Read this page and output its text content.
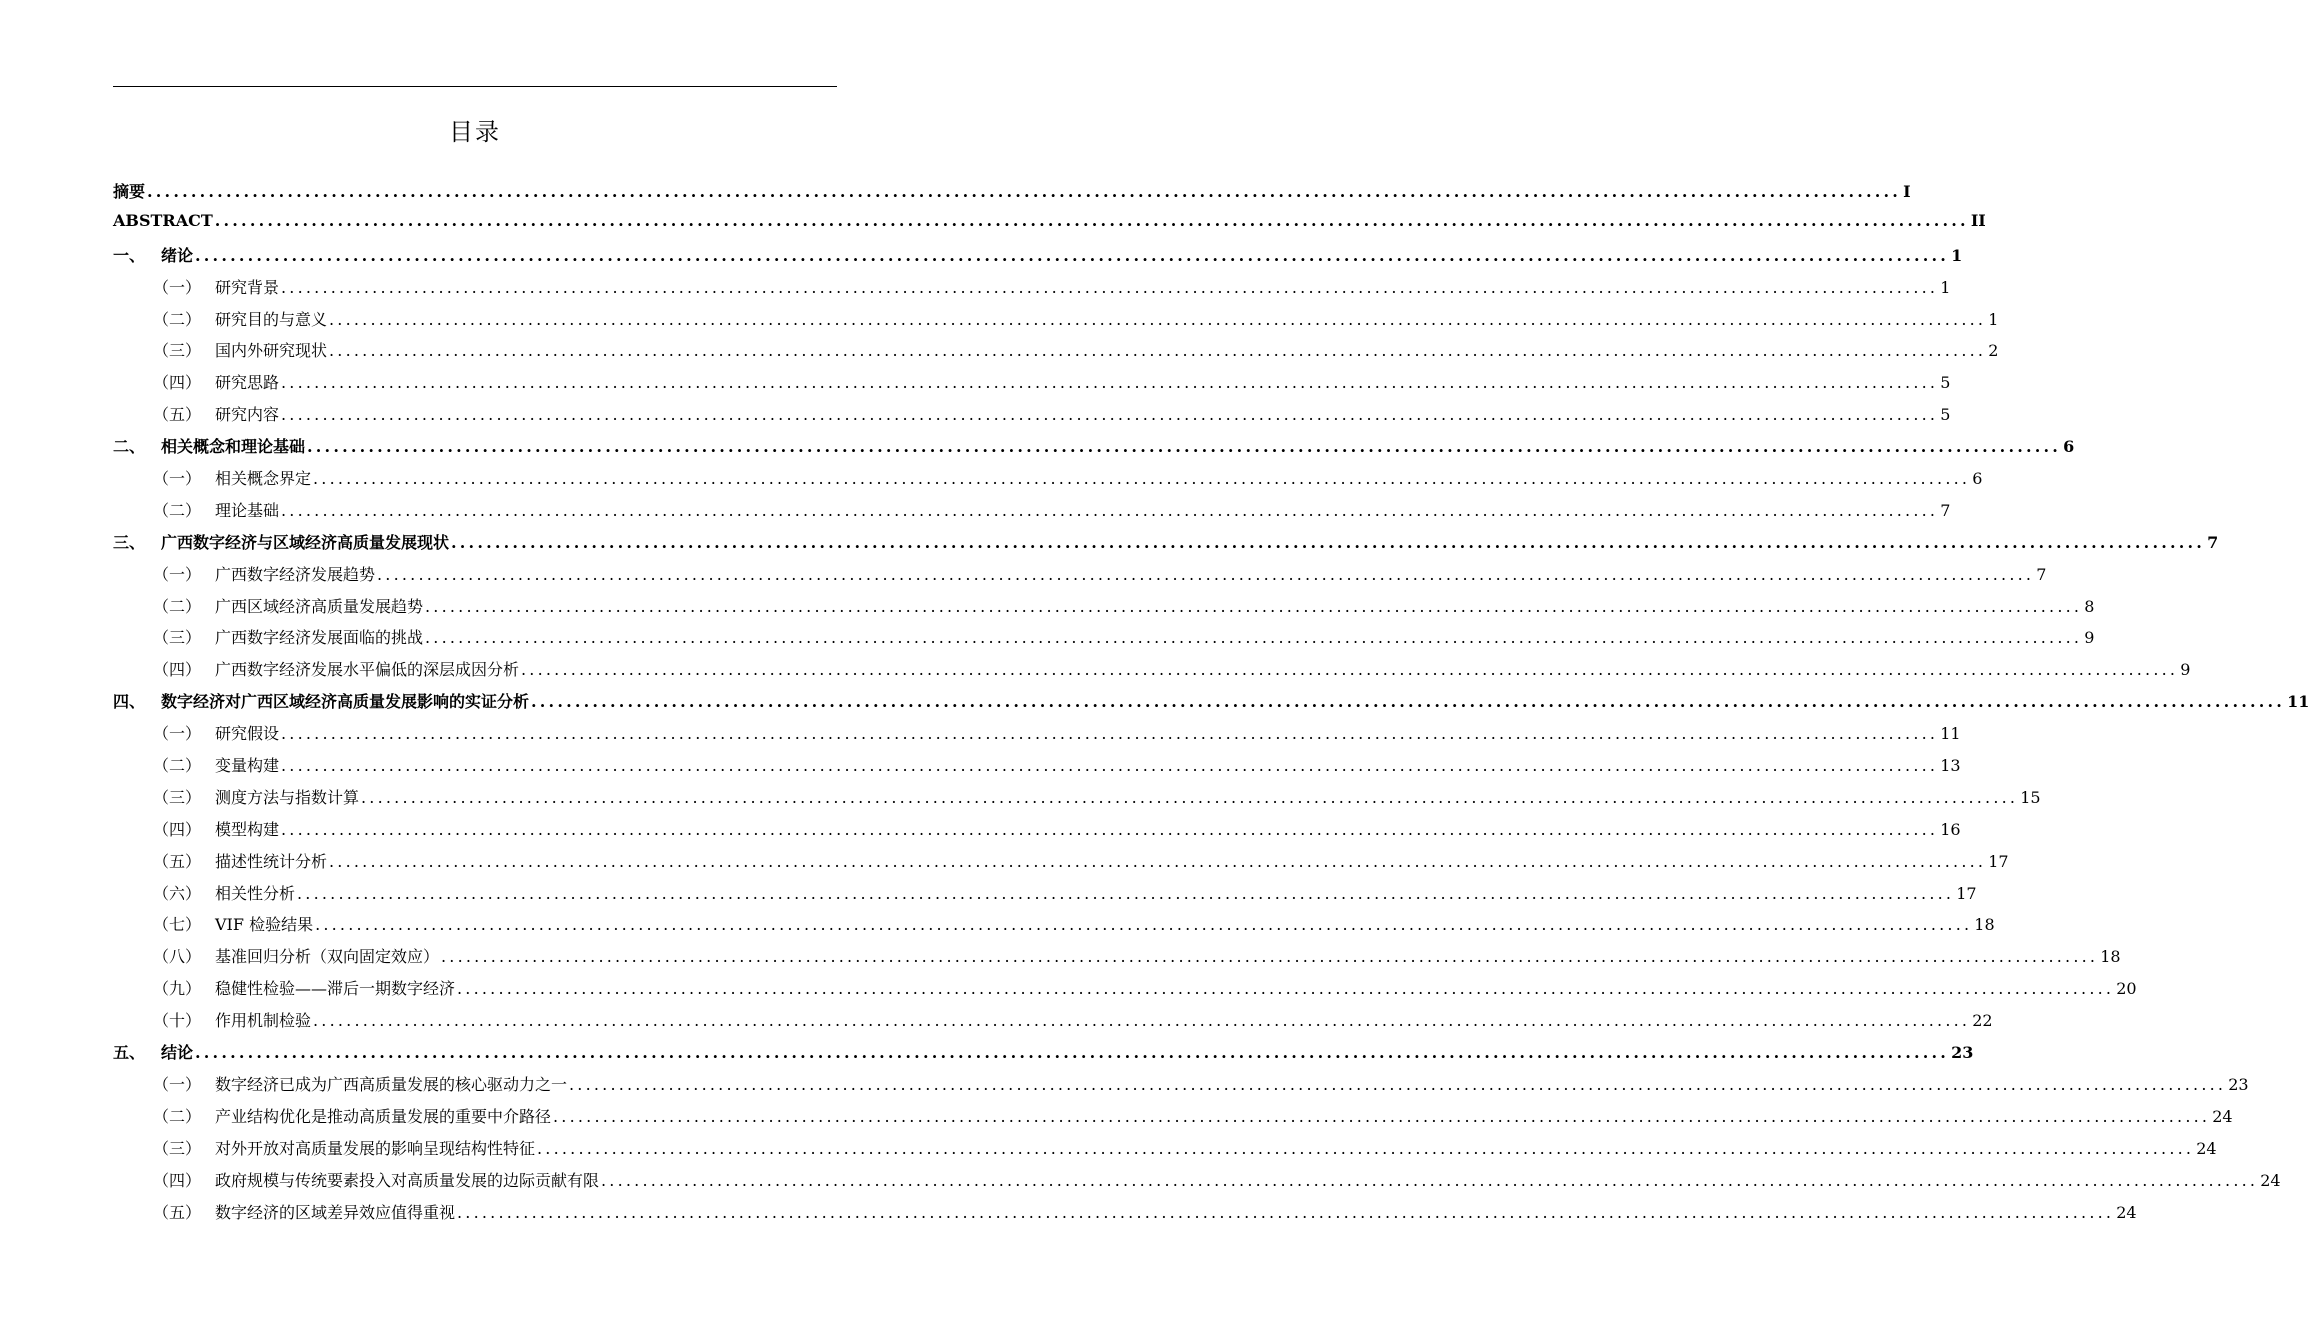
目录
摘要 ........................................................................................................................................................................................................ I
ABSTRACT ........................................................................................................................................................................................................ II
一、 绪论 ........................................................................................................................................................................................................ 1
（一） 研究背景 ........................................................................................................................................................................................................ 1
（二） 研究目的与意义 ........................................................................................................................................................................................................ 1
（三） 国内外研究现状 ........................................................................................................................................................................................................ 2
（四） 研究思路 ........................................................................................................................................................................................................ 5
（五） 研究内容 ........................................................................................................................................................................................................ 5
二、 相关概念和理论基础 ........................................................................................................................................................................................................ 6
（一） 相关概念界定 ........................................................................................................................................................................................................ 6
（二） 理论基础 ........................................................................................................................................................................................................ 7
三、 广西数字经济与区域经济高质量发展现状 ........................................................................................................................................................................................................ 7
（一） 广西数字经济发展趋势 ........................................................................................................................................................................................................ 7
（二） 广西区域经济高质量发展趋势 ........................................................................................................................................................................................................ 8
（三） 广西数字经济发展面临的挑战 ........................................................................................................................................................................................................ 9
（四） 广西数字经济发展水平偏低的深层成因分析 ........................................................................................................................................................................................................ 9
四、 数字经济对广西区域经济高质量发展影响的实证分析 ........................................................................................................................................................................................................ 11
（一） 研究假设 ........................................................................................................................................................................................................ 11
（二） 变量构建 ........................................................................................................................................................................................................ 13
（三） 测度方法与指数计算 ........................................................................................................................................................................................................ 15
（四） 模型构建 ........................................................................................................................................................................................................ 16
（五） 描述性统计分析 ........................................................................................................................................................................................................ 17
（六） 相关性分析 ........................................................................................................................................................................................................ 17
（七） VIF 检验结果 ........................................................................................................................................................................................................ 18
（八） 基准回归分析（双向固定效应） ........................................................................................................................................................................................................ 18
（九） 稳健性检验——滞后一期数字经济 ........................................................................................................................................................................................................ 20
（十） 作用机制检验 ........................................................................................................................................................................................................ 22
五、 结论 ........................................................................................................................................................................................................ 23
（一） 数字经济已成为广西高质量发展的核心驱动力之一 ........................................................................................................................................................................................................ 23
（二） 产业结构优化是推动高质量发展的重要中介路径 ........................................................................................................................................................................................................ 24
（三） 对外开放对高质量发展的影响呈现结构性特征 ........................................................................................................................................................................................................ 24
（四） 政府规模与传统要素投入对高质量发展的边际贡献有限 ........................................................................................................................................................................................................ 24
（五） 数字经济的区域差异效应值得重视 ........................................................................................................................................................................................................ 24
